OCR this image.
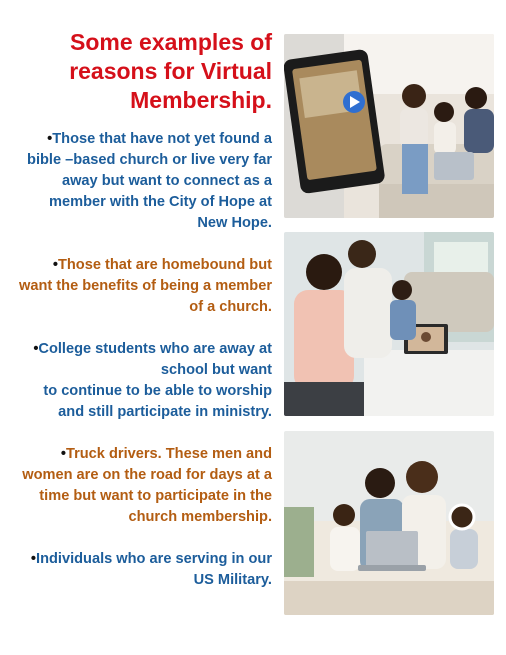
Some examples of
reasons for Virtual
Membership.
•Those that have not yet found a
bible –based church or live very far
away but want to connect as a
member with the City of Hope at
New Hope.
•Those that are homebound but
want the benefits of being a member
of a church.
•College students who are away at
school but want
to continue to be able to worship
and still participate in ministry.
•Truck drivers. These men and
women are on the road for days at a
time but want to participate in the
church membership.
•Individuals who are serving in our
US Military.
